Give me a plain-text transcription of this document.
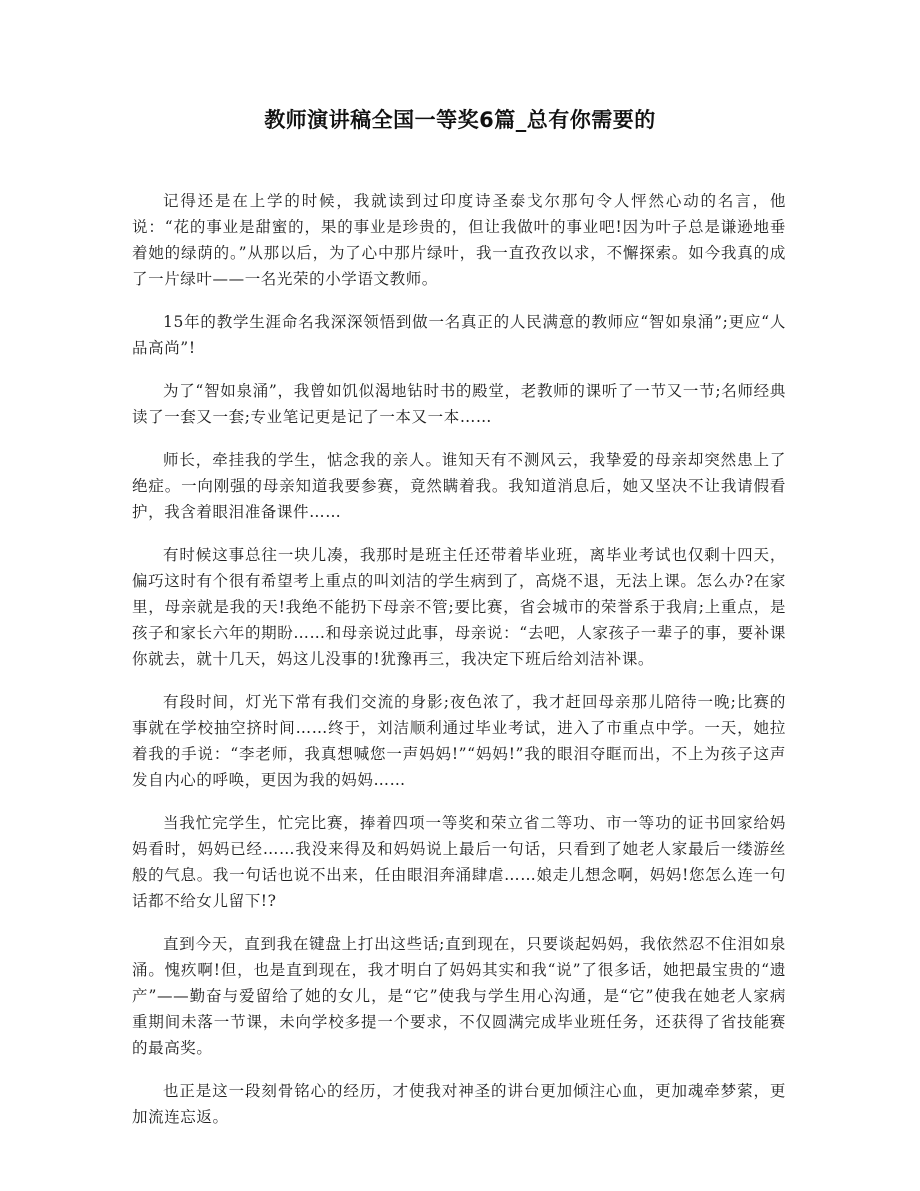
教师演讲稿全国一等奖6篇_总有你需要的

记得还是在上学的时候，我就读到过印度诗圣泰戈尔那句令人怦然心动的名言，他说：“花的事业是甜蜜的，果的事业是珍贵的，但让我做叶的事业吧!因为叶子总是谦逊地垂着她的绿荫的。”从那以后，为了心中那片绿叶，我一直孜孜以求，不懈探索。如今我真的成了一片绿叶——一名光荣的小学语文教师。

15年的教学生涯命名我深深领悟到做一名真正的人民满意的教师应“智如泉涌”;更应“人品高尚”!

为了“智如泉涌”，我曾如饥似渴地钻时书的殿堂，老教师的课听了一节又一节;名师经典读了一套又一套;专业笔记更是记了一本又一本……

师长，牵挂我的学生，惦念我的亲人。谁知天有不测风云，我挚爱的母亲却突然患上了绝症。一向刚强的母亲知道我要参赛，竟然瞒着我。我知道消息后，她又坚决不让我请假看护，我含着眼泪准备课件……

有时候这事总往一块儿凑，我那时是班主任还带着毕业班，离毕业考试也仅剩十四天，偏巧这时有个很有希望考上重点的叫刘洁的学生病到了，高烧不退，无法上课。怎么办?在家里，母亲就是我的天!我绝不能扔下母亲不管;要比赛，省会城市的荣誉系于我肩;上重点，是孩子和家长六年的期盼……和母亲说过此事，母亲说：“去吧，人家孩子一辈子的事，要补课你就去，就十几天，妈这儿没事的!犹豫再三，我决定下班后给刘洁补课。

有段时间，灯光下常有我们交流的身影;夜色浓了，我才赶回母亲那儿陪待一晚;比赛的事就在学校抽空挤时间……终于，刘洁顺利通过毕业考试，进入了市重点中学。一天，她拉着我的手说：“李老师，我真想喊您一声妈妈!”“妈妈!”我的眼泪夺眶而出，不上为孩子这声发自内心的呼唤，更因为我的妈妈……

当我忙完学生，忙完比赛，捧着四项一等奖和荣立省二等功、市一等功的证书回家给妈妈看时，妈妈已经……我没来得及和妈妈说上最后一句话，只看到了她老人家最后一缕游丝般的气息。我一句话也说不出来，任由眼泪奔涌肆虐……娘走儿想念啊，妈妈!您怎么连一句话都不给女儿留下!?

直到今天，直到我在键盘上打出这些话;直到现在，只要谈起妈妈，我依然忍不住泪如泉涌。愧疚啊!但，也是直到现在，我才明白了妈妈其实和我“说”了很多话，她把最宝贵的“遗产”——勤奋与爱留给了她的女儿，是“它”使我与学生用心沟通，是“它”使我在她老人家病重期间未落一节课，未向学校多提一个要求，不仅圆满完成毕业班任务，还获得了省技能赛的最高奖。

也正是这一段刻骨铭心的经历，才使我对神圣的讲台更加倾注心血，更加魂牵梦萦，更加流连忘返。
